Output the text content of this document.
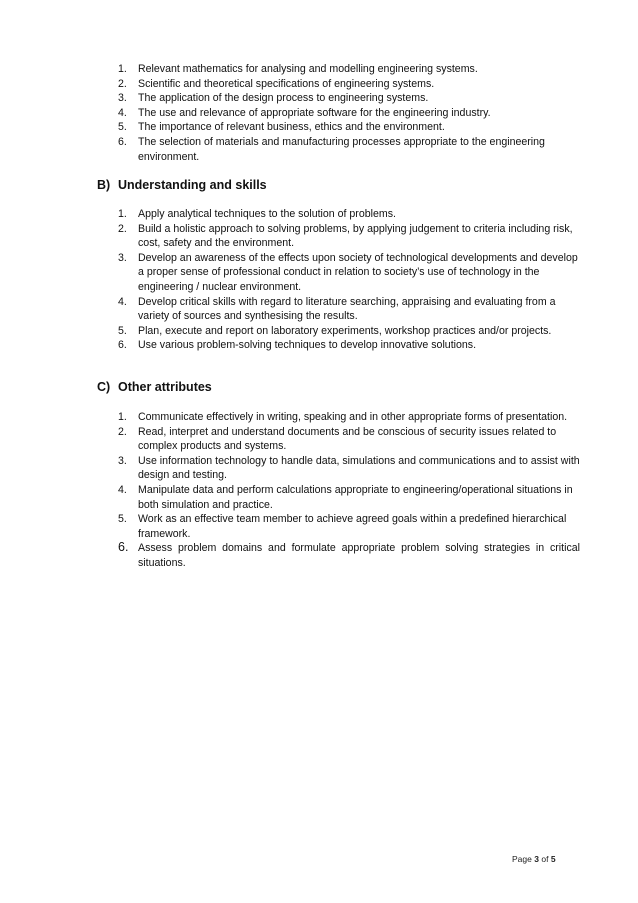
1. Relevant mathematics for analysing and modelling engineering systems.
2. Scientific and theoretical specifications of engineering systems.
3. The application of the design process to engineering systems.
4. The use and relevance of appropriate software for the engineering industry.
5. The importance of relevant business, ethics and the environment.
6. The selection of materials and manufacturing processes appropriate to the engineering environment.
B) Understanding and skills
1. Apply analytical techniques to the solution of problems.
2. Build a holistic approach to solving problems, by applying judgement to criteria including risk, cost, safety and the environment.
3. Develop an awareness of the effects upon society of technological developments and develop a proper sense of professional conduct in relation to society’s use of technology in the engineering / nuclear environment.
4. Develop critical skills with regard to literature searching, appraising and evaluating from a variety of sources and synthesising the results.
5. Plan, execute and report on laboratory experiments, workshop practices and/or projects.
6. Use various problem-solving techniques to develop innovative solutions.
C) Other attributes
1. Communicate effectively in writing, speaking and in other appropriate forms of presentation.
2. Read, interpret and understand documents and be conscious of security issues related to complex products and systems.
3. Use information technology to handle data, simulations and communications and to assist with design and testing.
4. Manipulate data and perform calculations appropriate to engineering/operational situations in both simulation and practice.
5. Work as an effective team member to achieve agreed goals within a predefined hierarchical framework.
6. Assess problem domains and formulate appropriate problem solving strategies in critical situations.
Page 3 of 5
